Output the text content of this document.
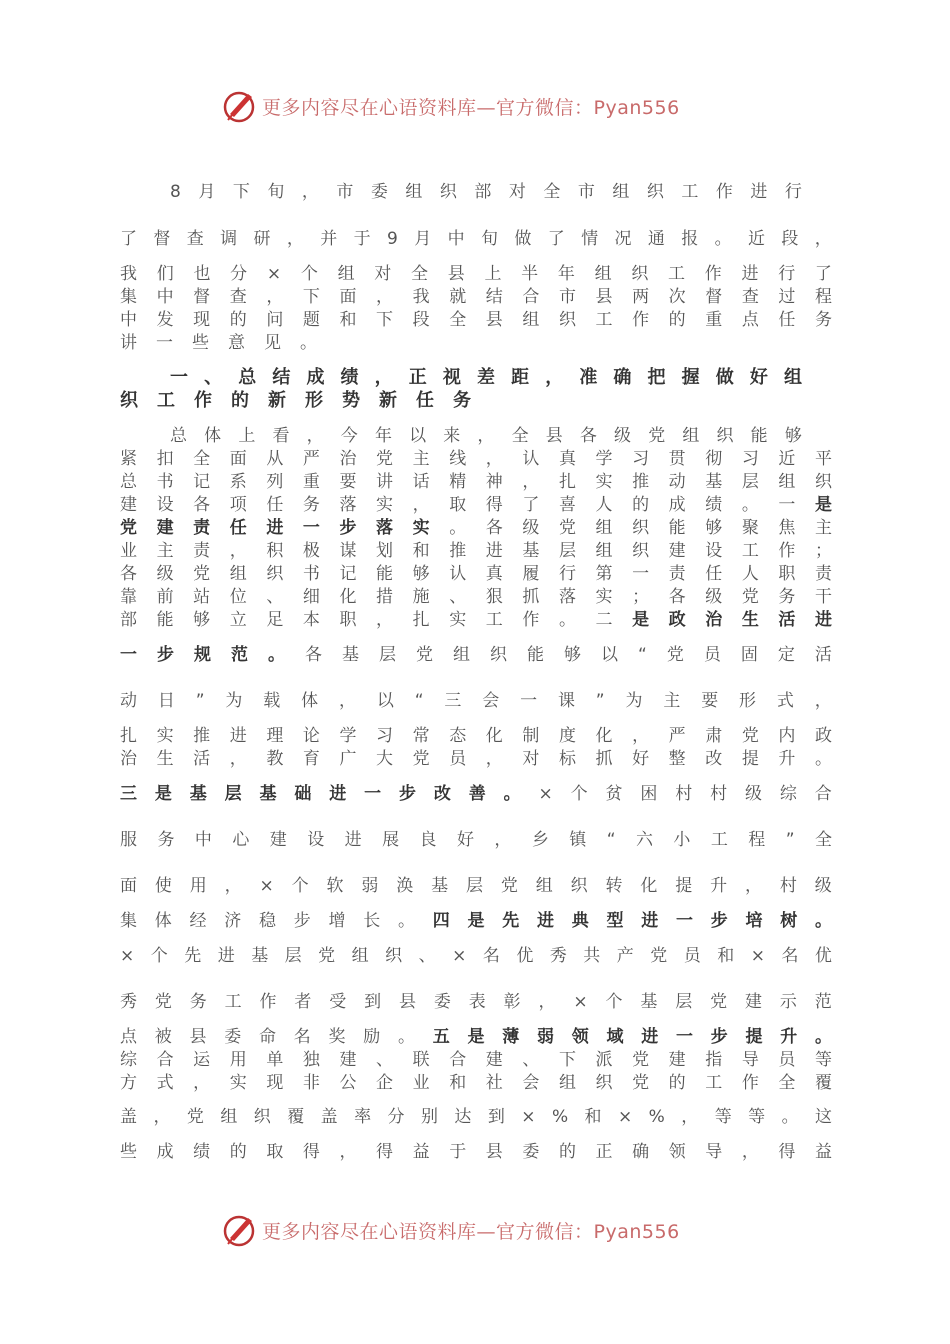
更多内容尽在心语资料库—官方微信：Pyan556
8 月 下 旬 ， 市 委 组 织 部 对 全 市 组 织 工 作 进 行
了 督 查 调 研 ， 并 于 9 月 中 旬 做 了 情 况 通 报 。 近 段 ，
我 们 也 分 × 个 组 对 全 县 上 半 年 组 织 工 作 进 行 了
集 中 督 查 ， 下 面 ， 我 就 结 合 市 县 两 次 督 查 过 程
中 发 现 的 问 题 和 下 段 全 县 组 织 工 作 的 重 点 任 务
讲 一 些 意 见 。
一 、 总 结 成 绩 ， 正 视 差 距 ， 准 确 把 握 做 好 组
织 工 作 的 新 形 势 新 任 务
总 体 上 看 ， 今 年 以 来 ， 全 县 各 级 党 组 织 能 够
紧 扣 全 面 从 严 治 党 主 线 ， 认 真 学 习 贯 彻 习 近 平
总 书 记 系 列 重 要 讲 话 精 神 ， 扎 实 推 动 基 层 组 织
建 设 各 项 任 务 落 实 ， 取 得 了 喜 人 的 成 绩 。 一 是
党 建 责 任 进 一 步 落 实 。 各 级 党 组 织 能 够 聚 焦 主
业 主 责 ， 积 极 谋 划 和 推 进 基 层 组 织 建 设 工 作 ；
各 级 党 组 织 书 记 能 够 认 真 履 行 第 一 责 任 人 职 责
靠 前 站 位 、 细 化 措 施 、 狠 抓 落 实 ； 各 级 党 务 干
部 能 够 立 足 本 职 ， 扎 实 工 作 。 二 是 政 治 生 活 进
一 步 规 范 。 各 基 层 党 组 织 能 够 以 “ 党 员 固 定 活
动 日 ” 为 载 体 ， 以 “ 三 会 一 课 ” 为 主 要 形 式 ，
扎 实 推 进 理 论 学 习 常 态 化 制 度 化 ， 严 肃 党 内 政
治 生 活 ， 教 育 广 大 党 员 ， 对 标 抓 好 整 改 提 升 。
三 是 基 层 基 础 进 一 步 改 善 。 × 个 贫 困 村 村 级 综 合
服 务 中 心 建 设 进 展 良 好 ， 乡 镇 “ 六 小 工 程 ” 全
面 使 用 ， × 个 软 弱 涣 基 层 党 组 织 转 化 提 升 ， 村 级
集 体 经 济 稳 步 增 长 。 四 是 先 进 典 型 进 一 步 培 树 。
× 个 先 进 基 层 党 组 织 、 × 名 优 秀 共 产 党 员 和 × 名 优
秀 党 务 工 作 者 受 到 县 委 表 彰 ， × 个 基 层 党 建 示 范
点 被 县 委 命 名 奖 励 。 五 是 薄 弱 领 域 进 一 步 提 升 。
综 合 运 用 单 独 建 、 联 合 建 、 下 派 党 建 指 导 员 等
方 式 ， 实 现 非 公 企 业 和 社 会 组 织 党 的 工 作 全 覆
盖 ， 党 组 织 覆 盖 率 分 别 达 到 × % 和 × % ， 等 等 。 这
些 成 绩 的 取 得 ， 得 益 于 县 委 的 正 确 领 导 ， 得 益
更多内容尽在心语资料库—官方微信：Pyan556
